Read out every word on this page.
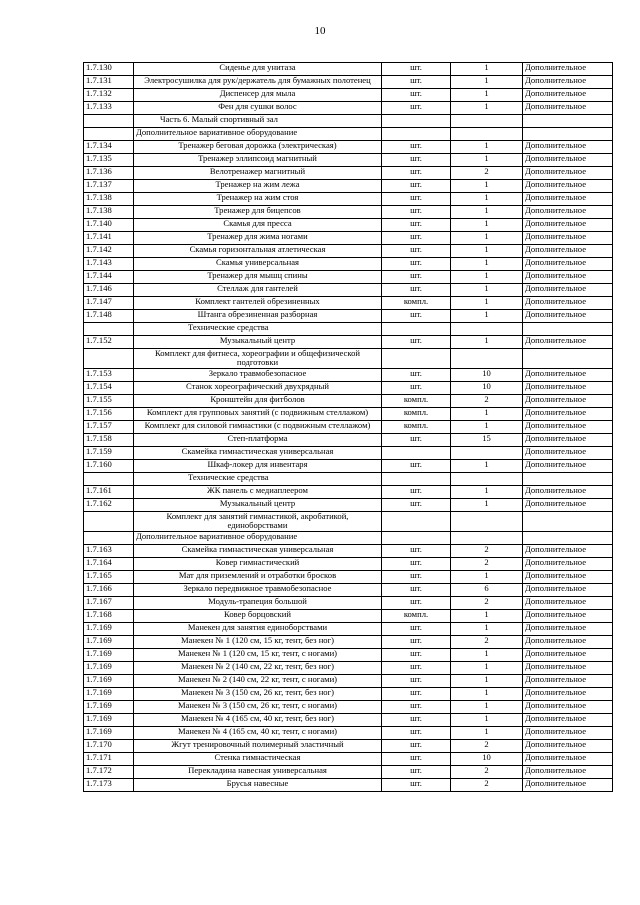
10
1.7.130	Сиденье для унитаза	шт.	1	Дополнительное
1.7.131	Электросушилка для рук/держатель для бумажных полотенец	шт.	1	Дополнительное
1.7.132	Диспенсер для мыла	шт.	1	Дополнительное
1.7.133	Фен для сушки волос	шт.	1	Дополнительное
	Часть 6. Малый спортивный зал			
	Дополнительное вариативное оборудование			
1.7.134	Тренажер беговая дорожка (электрическая)	шт.	1	Дополнительное
1.7.135	Тренажер эллипсоид магнитный	шт.	1	Дополнительное
1.7.136	Велотренажер магнитный	шт.	2	Дополнительное
1.7.137	Тренажер на жим лежа	шт.	1	Дополнительное
1.7.138	Тренажер на жим стоя	шт.	1	Дополнительное
1.7.138	Тренажер для бицепсов	шт.	1	Дополнительное
1.7.140	Скамья для пресса	шт.	1	Дополнительное
1.7.141	Тренажер для жима ногами	шт.	1	Дополнительное
1.7.142	Скамья горизонтальная атлетическая	шт.	1	Дополнительное
1.7.143	Скамья универсальная	шт.	1	Дополнительное
1.7.144	Тренажер для мышц спины	шт.	1	Дополнительное
1.7.146	Стеллаж для гантелей	шт.	1	Дополнительное
1.7.147	Комплект гантелей обрезиненных	компл.	1	Дополнительное
1.7.148	Штанга обрезиненная разборная	шт.	1	Дополнительное
	Технические средства			
1.7.152	Музыкальный центр	шт.	1	Дополнительное
	Комплект для фитнеса, хореографии и общефизической подготовки			
1.7.153	Зеркало травмобезопасное	шт.	10	Дополнительное
1.7.154	Станок хореографический двухрядный	шт.	10	Дополнительное
1.7.155	Кронштейн для фитболов	компл.	2	Дополнительное
1.7.156	Комплект для групповых занятий (с подвижным стеллажом)	компл.	1	Дополнительное
1.7.157	Комплект для силовой гимнастики (с подвижным стеллажом)	компл.	1	Дополнительное
1.7.158	Степ-платформа	шт.	15	Дополнительное
1.7.159	Скамейка гимнастическая универсальная			Дополнительное
1.7.160	Шкаф-локер для инвентаря	шт.	1	Дополнительное
	Технические средства			
1.7.161	ЖК панель с медиаплеером	шт.	1	Дополнительное
1.7.162	Музыкальный центр	шт.	1	Дополнительное
	Комплект для занятий гимнастикой, акробатикой, единоборствами			
	Дополнительное вариативное оборудование			
1.7.163	Скамейка гимнастическая универсальная	шт.	2	Дополнительное
1.7.164	Ковер гимнастический	шт.	2	Дополнительное
1.7.165	Мат для приземлений и отработки бросков	шт.	1	Дополнительное
1.7.166	Зеркало передвижное травмобезопасное	шт.	6	Дополнительное
1.7.167	Модуль-трапеция большой	шт.	2	Дополнительное
1.7.168	Ковер борцовский	компл.	1	Дополнительное
1.7.169	Манекен для занятия единоборствами	шт.	1	Дополнительное
1.7.169	Манекен № 1 (120 см, 15 кг, тент, без ног)	шт.	2	Дополнительное
1.7.169	Манекен № 1 (120 см, 15 кг, тент, с ногами)	шт.	1	Дополнительное
1.7.169	Манекен № 2 (140 см, 22 кг, тент, без ног)	шт.	1	Дополнительное
1.7.169	Манекен № 2 (140 см, 22 кг, тент, с ногами)	шт.	1	Дополнительное
1.7.169	Манекен № 3 (150 см, 26 кг, тент, без ног)	шт.	1	Дополнительное
1.7.169	Манекен № 3 (150 см, 26 кг, тент, с ногами)	шт.	1	Дополнительное
1.7.169	Манекен № 4 (165 см, 40 кг, тент, без ног)	шт.	1	Дополнительное
1.7.169	Манекен № 4 (165 см, 40 кг, тент, с ногами)	шт.	1	Дополнительное
1.7.170	Жгут тренировочный полимерный эластичный	шт.	2	Дополнительное
1.7.171	Стенка гимнастическая	шт.	10	Дополнительное
1.7.172	Перекладина навесная универсальная	шт.	2	Дополнительное
1.7.173	Брусья навесные	шт.	2	Дополнительное
